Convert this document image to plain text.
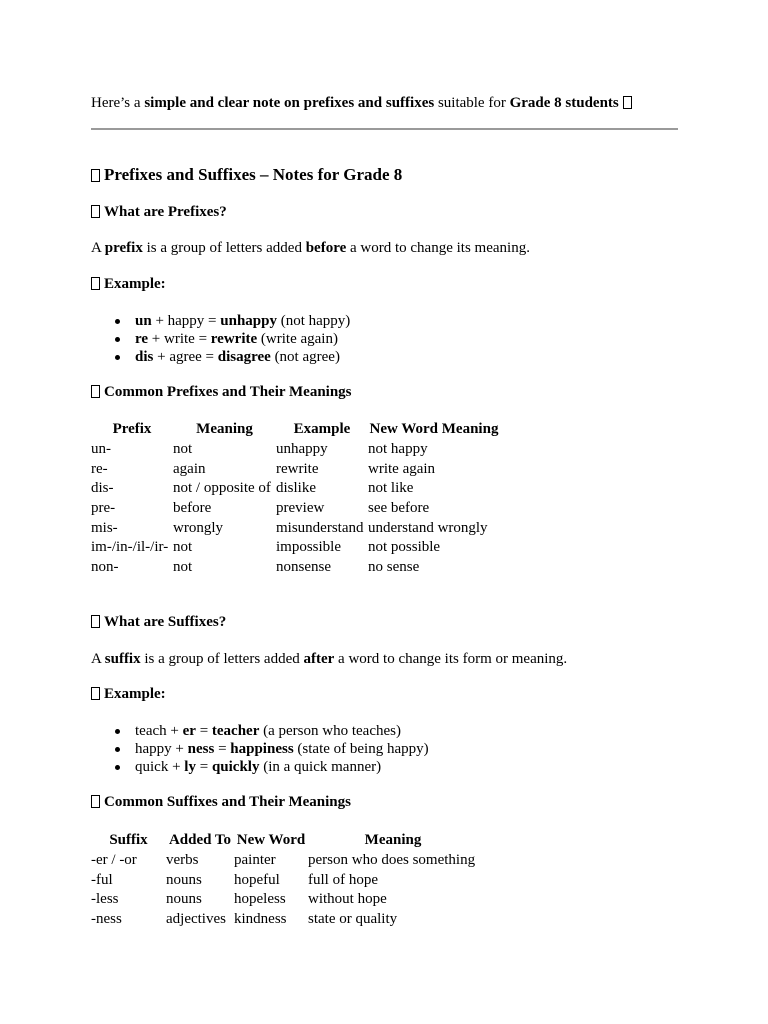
Here’s a simple and clear note on prefixes and suffixes suitable for Grade 8 students

Prefixes and Suffixes – Notes for Grade 8
What are Prefixes?

A prefix is a group of letters added before a word to change its meaning.

Example:
un + happy = unhappy (not happy)
re + write = rewrite (write again)
dis + agree = disagree (not agree)
Common Prefixes and Their Meanings
Prefix	Meaning	Example	New Word Meaning
un-	not	unhappy	not happy
re-	again	rewrite	write again
dis-	not / opposite of	dislike	not like
pre-	before	preview	see before
mis-	wrongly	misunderstand	understand wrongly
im-/in-/il-/ir-	not	impossible	not possible
non-	not	nonsense	no sense
What are Suffixes?

A suffix is a group of letters added after a word to change its form or meaning.

Example:
teach + er = teacher (a person who teaches)
happy + ness = happiness (state of being happy)
quick + ly = quickly (in a quick manner)
Common Suffixes and Their Meanings
Suffix	Added To	New Word	Meaning
-er / -or	verbs	painter	person who does something
-ful	nouns	hopeful	full of hope
-less	nouns	hopeless	without hope
-ness	adjectives	kindness	state or quality
